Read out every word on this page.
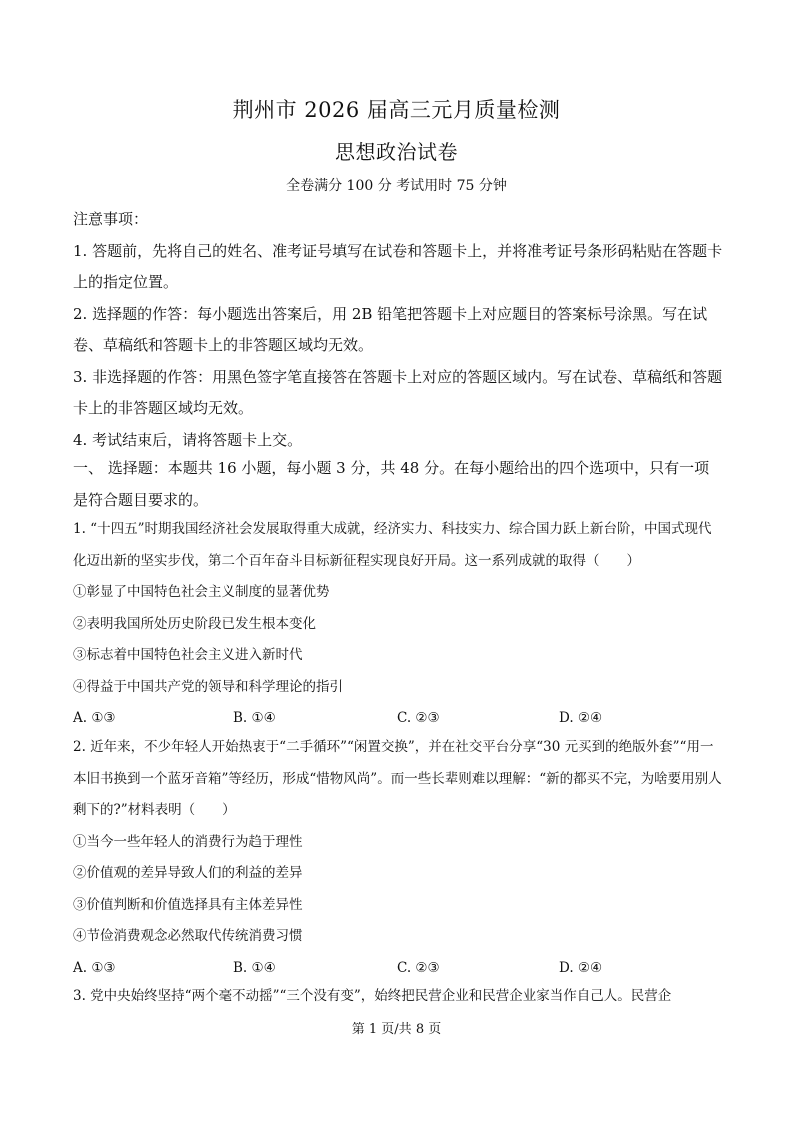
荆州市 2026 届高三元月质量检测
思想政治试卷
全卷满分 100 分 考试用时 75 分钟

注意事项：

1. 答题前，先将自己的姓名、准考证号填写在试卷和答题卡上，并将准考证号条形码粘贴在答题卡上的指定位置。

2. 选择题的作答：每小题选出答案后，用 2B 铅笔把答题卡上对应题目的答案标号涂黑。写在试卷、草稿纸和答题卡上的非答题区域均无效。

3. 非选择题的作答：用黑色签字笔直接答在答题卡上对应的答题区域内。写在试卷、草稿纸和答题卡上的非答题区域均无效。

4. 考试结束后，请将答题卡上交。

一、 选择题：本题共 16 小题，每小题 3 分，共 48 分。在每小题给出的四个选项中，只有一项是符合题目要求的。

1. “十四五”时期我国经济社会发展取得重大成就，经济实力、科技实力、综合国力跃上新台阶，中国式现代化迈出新的坚实步伐，第二个百年奋斗目标新征程实现良好开局。这一系列成就的取得（　　）

①彰显了中国特色社会主义制度的显著优势

②表明我国所处历史阶段已发生根本变化

③标志着中国特色社会主义进入新时代

④得益于中国共产党的领导和科学理论的指引

A. ①③	B. ①④	C. ②③	D. ②④

2. 近年来，不少年轻人开始热衷于“二手循环”“闲置交换”，并在社交平台分享“30 元买到的绝版外套”“用一本旧书换到一个蓝牙音箱”等经历，形成“惜物风尚”。而一些长辈则难以理解：“新的都买不完，为啥要用别人剩下的?”材料表明（　　）

①当今一些年轻人的消费行为趋于理性

②价值观的差异导致人们的利益的差异

③价值判断和价值选择具有主体差异性

④节俭消费观念必然取代传统消费习惯

A. ①③	B. ①④	C. ②③	D. ②④

3. 党中央始终坚持“两个毫不动摇”“三个没有变”，始终把民营企业和民营企业家当作自己人。民营企

第 1 页/共 8 页
